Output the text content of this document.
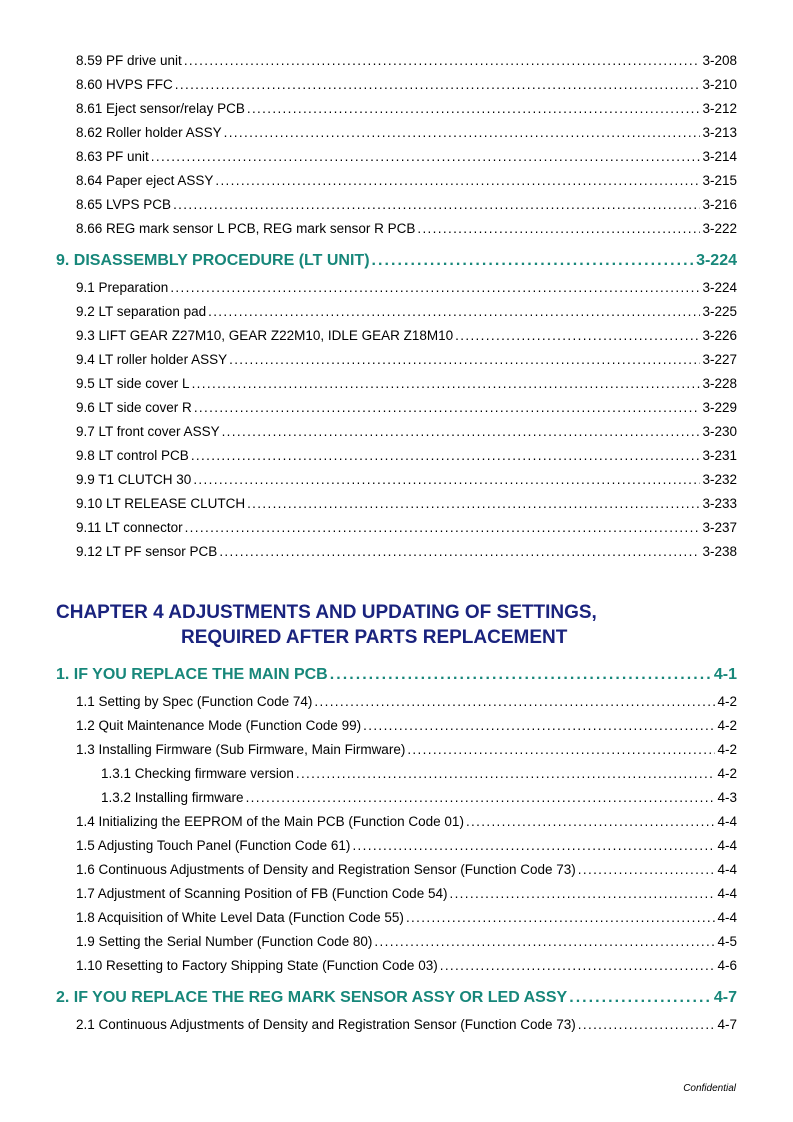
8.59 PF drive unit . . .	3-208
8.60 HVPS FFC . . .	3-210
8.61 Eject sensor/relay PCB . . .	3-212
8.62 Roller holder ASSY . . .	3-213
8.63 PF unit . . .	3-214
8.64 Paper eject ASSY . . .	3-215
8.65 LVPS PCB . . .	3-216
8.66 REG mark sensor L PCB, REG mark sensor R PCB . . .	3-222
9. DISASSEMBLY PROCEDURE (LT UNIT) . . .	3-224
9.1 Preparation . . .	3-224
9.2 LT separation pad . . .	3-225
9.3 LIFT GEAR Z27M10, GEAR Z22M10, IDLE GEAR Z18M10 . . .	3-226
9.4 LT roller holder ASSY . . .	3-227
9.5 LT side cover L . . .	3-228
9.6 LT side cover R . . .	3-229
9.7 LT front cover ASSY . . .	3-230
9.8 LT control PCB . . .	3-231
9.9 T1 CLUTCH 30 . . .	3-232
9.10 LT RELEASE CLUTCH . . .	3-233
9.11 LT connector . . .	3-237
9.12 LT PF sensor PCB . . .	3-238
CHAPTER 4 ADJUSTMENTS AND UPDATING OF SETTINGS,
REQUIRED AFTER PARTS REPLACEMENT
1. IF YOU REPLACE THE MAIN PCB . . .	4-1
1.1 Setting by Spec (Function Code 74) . . .	4-2
1.2 Quit Maintenance Mode (Function Code 99) . . .	4-2
1.3 Installing Firmware (Sub Firmware, Main Firmware) . . .	4-2
1.3.1 Checking firmware version . . .	4-2
1.3.2 Installing firmware . . .	4-3
1.4 Initializing the EEPROM of the Main PCB (Function Code 01) . . .	4-4
1.5 Adjusting Touch Panel (Function Code 61) . . .	4-4
1.6 Continuous Adjustments of Density and Registration Sensor (Function Code 73) . . .	4-4
1.7 Adjustment of Scanning Position of FB (Function Code 54) . . .	4-4
1.8 Acquisition of White Level Data (Function Code 55) . . .	4-4
1.9 Setting the Serial Number (Function Code 80) . . .	4-5
1.10 Resetting to Factory Shipping State (Function Code 03) . . .	4-6
2. IF YOU REPLACE THE REG MARK SENSOR ASSY OR LED ASSY . . .	4-7
2.1 Continuous Adjustments of Density and Registration Sensor (Function Code 73) . . .	4-7
Confidential
